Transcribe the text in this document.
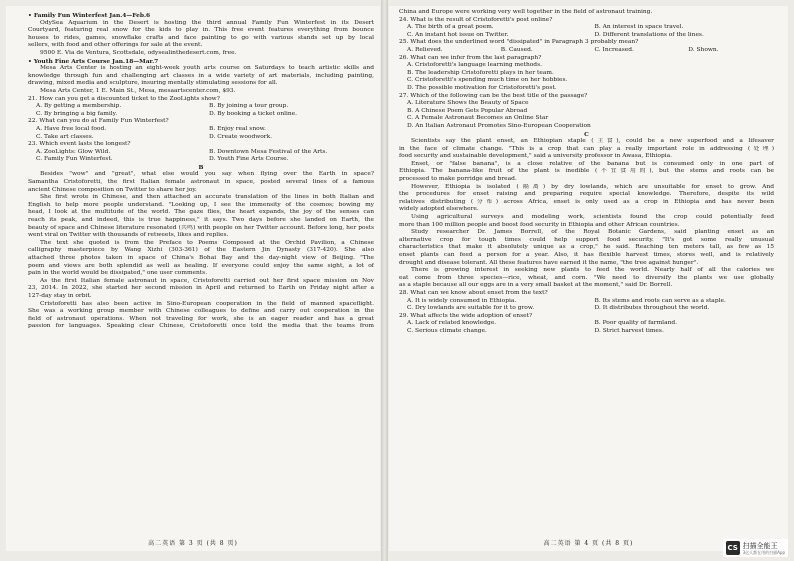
• Family Fun Winterfest Jan.4—Feb.6
OdySea Aquarium in the Desert is hosting the third annual Family Fun Winterfest in its Desert
Courtyard, featuring real snow for the kids to play in. This free event features everything from bounce
houses to rides, games, snowflake crafts and face painting to go with various stands set up by local
sellers, with food and other offerings for sale at the event.
9500 E. Via de Ventura, Scottsdale, odysealinthedesert.com, free.
• Youth Fine Arts Course Jan.18—Mar.7
Mesa Arts Center is hosting an eight-week youth arts course on Saturdays to teach artistic skills and
knowledge through fun and challenging art classes in a wide variety of art materials, including painting,
drawing, mixed media and sculpture, insuring mentally stimulating sessions for all.
Mesa Arts Center, 1 E. Main St., Mesa, mesaartscenter.com, $93.
21. How can you get a discounted ticket to the ZooLights show?
A. By getting a membership.	B. By joining a tour group.
C. By bringing a big family.	D. By booking a ticket online.
22. What can you do at Family Fun Winterfest?
A. Have free local food.	B. Enjoy real snow.
C. Take art classes.	D. Create woodwork.
23. Which event lasts the longest?
A. ZooLights: Glow Wild.	B. Downtown Mesa Festival of the Arts.
C. Family Fun Winterfest.	D. Youth Fine Arts Course.
B
Besides "wow" and "great", what else would you say when flying over the Earth in space?
Samantha Cristoforetti, the first Italian female astronaut in space, posted several lines of a famous
ancient Chinese composition on Twitter to share her joy.
She first wrote in Chinese, and then attached an accurate translation of the lines in both Italian and
English to help more people understand. "Looking up, I see the immensity of the cosmos; bowing my
head, I look at the multitude of the world. The gaze flies, the heart expands, the joy of the senses can
reach its peak, and indeed, this is true happiness," it says. Two days before she landed on Earth, the
beauty of space and Chinese literature resonated (共鸣) with people on her Twitter account. Before long, her posts
went viral on Twitter with thousands of retweets, likes and replies.
The text she quoted is from the Preface to Poems Composed at the Orchid Pavilion, a Chinese
calligraphy masterpiece by Wang Xizhi (303-361) of the Eastern Jin Dynasty (317-420). She also
attached three photos taken in space of China's Bohai Bay and the day-night view of Beijing. "The
poem and views are both splendid as well as healing. If everyone could enjoy the same sight, a lot of
pain in the world would be dissipated," one user comments.
As the first Italian female astronaut in space, Cristoforetti carried out her first space mission on Nov
23, 2014. In 2022, she started her second mission in April and returned to Earth on Friday night after a
127-day stay in orbit.
Cristoforetti has also been active in Sino-European cooperation in the field of manned spaceflight.
She was a working group member with Chinese colleagues to define and carry out cooperation in the
field of astronaut operations. When not traveling for work, she is an eager reader and has a great
passion for languages. Speaking clear Chinese, Cristoforetti once told the media that the teams from
高二英语 第 3 页 (共 8 页)
China and Europe were working very well together in the field of astronaut training.
24. What is the result of Cristoforetti's post online?
A. The birth of a great poem.	B. An interest in space travel.
C. An instant hot issue on Twitter.	D. Different translations of the lines.
25. What does the underlined word "dissipated" in Paragraph 3 probably mean?
A. Relieved.	B. Caused.	C. Increased.	D. Shown.
26. What can we infer from the last paragraph?
A. Cristoforetti's language learning methods.
B. The leadership Cristoforetti plays in her team.
C. Cristoforetti's spending much time on her hobbies.
D. The possible motivation for Cristoforetti's post.
27. Which of the following can be the best title of the passage?
A. Literature Shows the Beauty of Space
B. A Chinese Poem Gets Popular Abroad
C. A Female Astronaut Becomes an Online Star
D. An Italian Astronaut Promotes Sino-European Cooperation
C
Scientists say the plant enset, an Ethiopian staple (主食), could be a new superfood and a lifesaver
in the face of climate change. "This is a crop that can play a really important role in addressing (处理)
food security and sustainable development," said a university professor in Awasa, Ethiopia.
Enset, or "false banana", is a close relative of the banana but is consumed only in one part of
Ethiopia. The banana-like fruit of the plant is inedible (不宜食用的), but the stems and roots can be
processed to make porridge and bread.
However, Ethiopia is isolated (隔离) by dry lowlands, which are unsuitable for enset to grow. And
the procedures for enset raising and preparing require special knowledge. Therefore, despite its wild
relatives distributing (分布) across Africa, enset is only used as a crop in Ethiopia and has never been
widely adopted elsewhere.
Using agricultural surveys and modeling work, scientists found the crop could potentially feed
more than 100 million people and boost food security in Ethiopia and other African countries.
Study researcher Dr. James Borrell, of the Royal Botanic Gardens, said planting enset as an
alternative crop for tough times could help support food security. "It's got some really unusual
characteristics that make it absolutely unique as a crop," he said. Reaching ten meters tall, as few as 15
enset plants can feed a person for a year. Also, it has flexible harvest times, stores well, and is relatively
drought and disease tolerant. All these features have earned it the name, "the tree against hunger".
There is growing interest in seeking new plants to feed the world. Nearly half of all the calories we
eat come from three species—rice, wheat, and corn. "We need to diversify the plants we use globally
as a staple because all our eggs are in a very small basket at the moment," said Dr. Borrell.
28. What can we know about enset from the text?
A. It is widely consumed in Ethiopia.	B. Its stems and roots can serve as a staple.
C. Dry lowlands are suitable for it to grow.	D. It distributes throughout the world.
29. What affects the wide adoption of enset?
A. Lack of related knowledge.	B. Poor quality of farmland.
C. Serious climate change.	D. Strict harvest times.
高二英语 第 4 页 (共 8 页)
CS 扫描全能王
3亿人都在用的扫描App
